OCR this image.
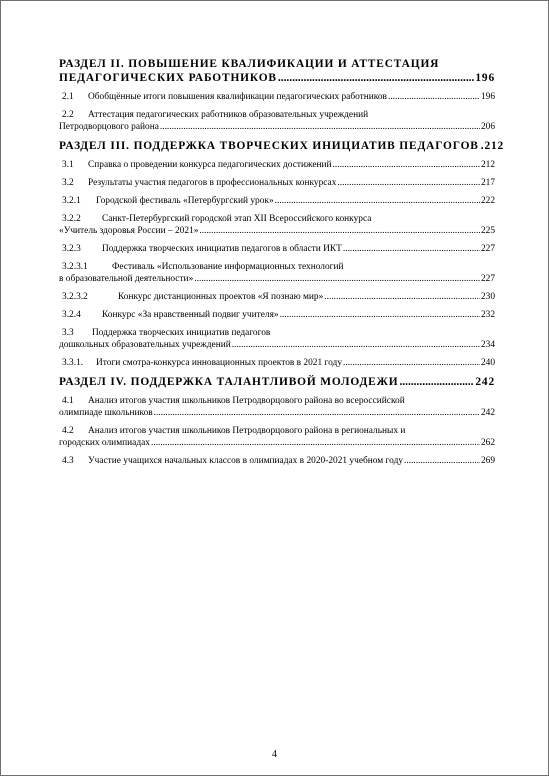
РАЗДЕЛ II. ПОВЫШЕНИЕ КВАЛИФИКАЦИИ И АТТЕСТАЦИЯ
ПЕДАГОГИЧЕСКИХ РАБОТНИКОВ .....	196
2.1 Обобщённые итоги повышения квалификации педагогических работников .....	196
2.2 Аттестация педагогических работников образовательных учреждений
Петродворцового района .....	206
РАЗДЕЛ III. ПОДДЕРЖКА ТВОРЧЕСКИХ ИНИЦИАТИВ ПЕДАГОГОВ . 212
3.1 Справка о проведении конкурса педагогических достижений .....	212
3.2 Результаты участия педагогов в профессиональных конкурсах .....	217
3.2.1 Городской фестиваль «Петербургский урок» .....	222
3.2.2 Санкт-Петербургский городской этап XII Всероссийского конкурса
«Учитель здоровья России – 2021» .....	225
3.2.3 Поддержка творческих инициатив педагогов в области ИКТ .....	227
3.2.3.1	Фестиваль «Использование информационных технологий
в образовательной деятельности» .....	227
3.2.3.2	Конкурс дистанционных проектов «Я познаю мир» .....	230
3.2.4 Конкурс «За нравственный подвиг учителя» .....	232
3.3 Поддержка творческих инициатив педагогов
дошкольных образовательных учреждений .....	234
3.3.1. Итоги смотра-конкурса инновационных проектов в 2021 году .....	240
РАЗДЕЛ IV. ПОДДЕРЖКА ТАЛАНТЛИВОЙ МОЛОДЕЖИ .....	242
4.1 Анализ итогов участия школьников Петродворцового района во всероссийской
олимпиаде школьников .....	242
4.2 Анализ итогов участия школьников Петродворцового района в региональных и
городских олимпиадах .....	262
4.3 Участие учащихся начальных классов в олимпиадах в 2020-2021 учебном году .....	269
4
